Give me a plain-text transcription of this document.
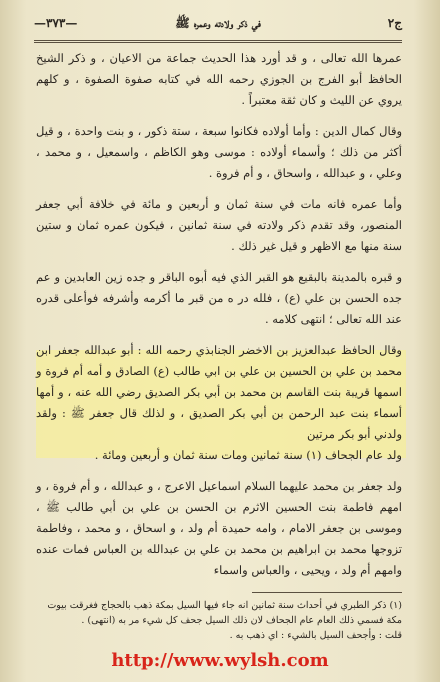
ج٢
في ذكر ولادته وعمره ﷺ
—٣٧٣—

عمرها الله تعالى ، و قد أورد هذا الحديث جماعة من الاعيان ، و ذكر الشيخ الحافظ أبو الفرج بن الجوزي رحمه الله في كتابه صفوة الصفوة ، و كلهم يروي عن الليث و كان ثقة معتبراً .

وقال كمال الدين : وأما أولاده فكانوا سبعة ، ستة ذكور ، و بنت واحدة ، و قيل أكثر من ذلك ؛ وأسماء أولاده : موسى وهو الكاظم ، واسمعيل ، و محمد ، وعلي ، و عبدالله ، واسحاق ، و أم فروة .

وأما عمره فانه مات في سنة ثمان و أربعين و مائة في خلافة أبي جعفر المنصور، وقد تقدم ذكر ولادته في سنة ثمانين ، فيكون عمره ثمان و ستين سنة منها مع الاظهر و قيل غير ذلك .

و قبره بالمدينة بالبقيع هو القبر الذي فيه أبوه الباقر و جده زين العابدين و عم جده الحسن بن علي (ع) ، فلله در ه من قبر ما أكرمه وأشرفه فوأعلى قدره عند الله تعالى ؛ انتهى كلامه .

وقال الحافظ عبدالعزيز بن الاخضر الجنابذي رحمه الله : أبو عبدالله جعفر ابن محمد بن علي بن الحسين بن علي بن ابي طالب (ع) الصادق و أمه أم فروة و اسمها قريبة بنت القاسم بن محمد بن أبي بكر الصديق رضي الله عنه ، و أمها أسماء بنت عبد الرحمن بن أبي بكر الصديق ، و لذلك قال جعفر ﷺ : ولقد ولدني أبو بكر مرتين

ولد عام الجحاف (١) سنة ثمانين ومات سنة ثمان و أربعين ومائة .

ولد جعفر بن محمد عليهما السلام اسماعيل الاعرج ، و عبدالله ، و أم فروة ، و امهم فاطمة بنت الحسين الاثرم بن الحسن بن علي بن أبي طالب ﷺ ، وموسى بن جعفر الامام ، وامه حميدة أم ولد ، و اسحاق ، و محمد ، وفاطمة تزوجها محمد بن ابراهيم بن محمد بن علي بن عبدالله بن العباس فمات عنده وامهم أم ولد ، ويحيى ، والعباس واسماء

(١) ذكر الطبري في أحداث سنة ثمانين انه جاء فيها السيل بمكة ذهب بالحجاج فغرقت بيوت مكة فسمي ذلك العام عام الجحاف لان ذلك السيل جحف كل شيء مر به (انتهى) .

قلت : وأجحف السيل بالشيء : اي ذهب به .

http://www.wylsh.com
